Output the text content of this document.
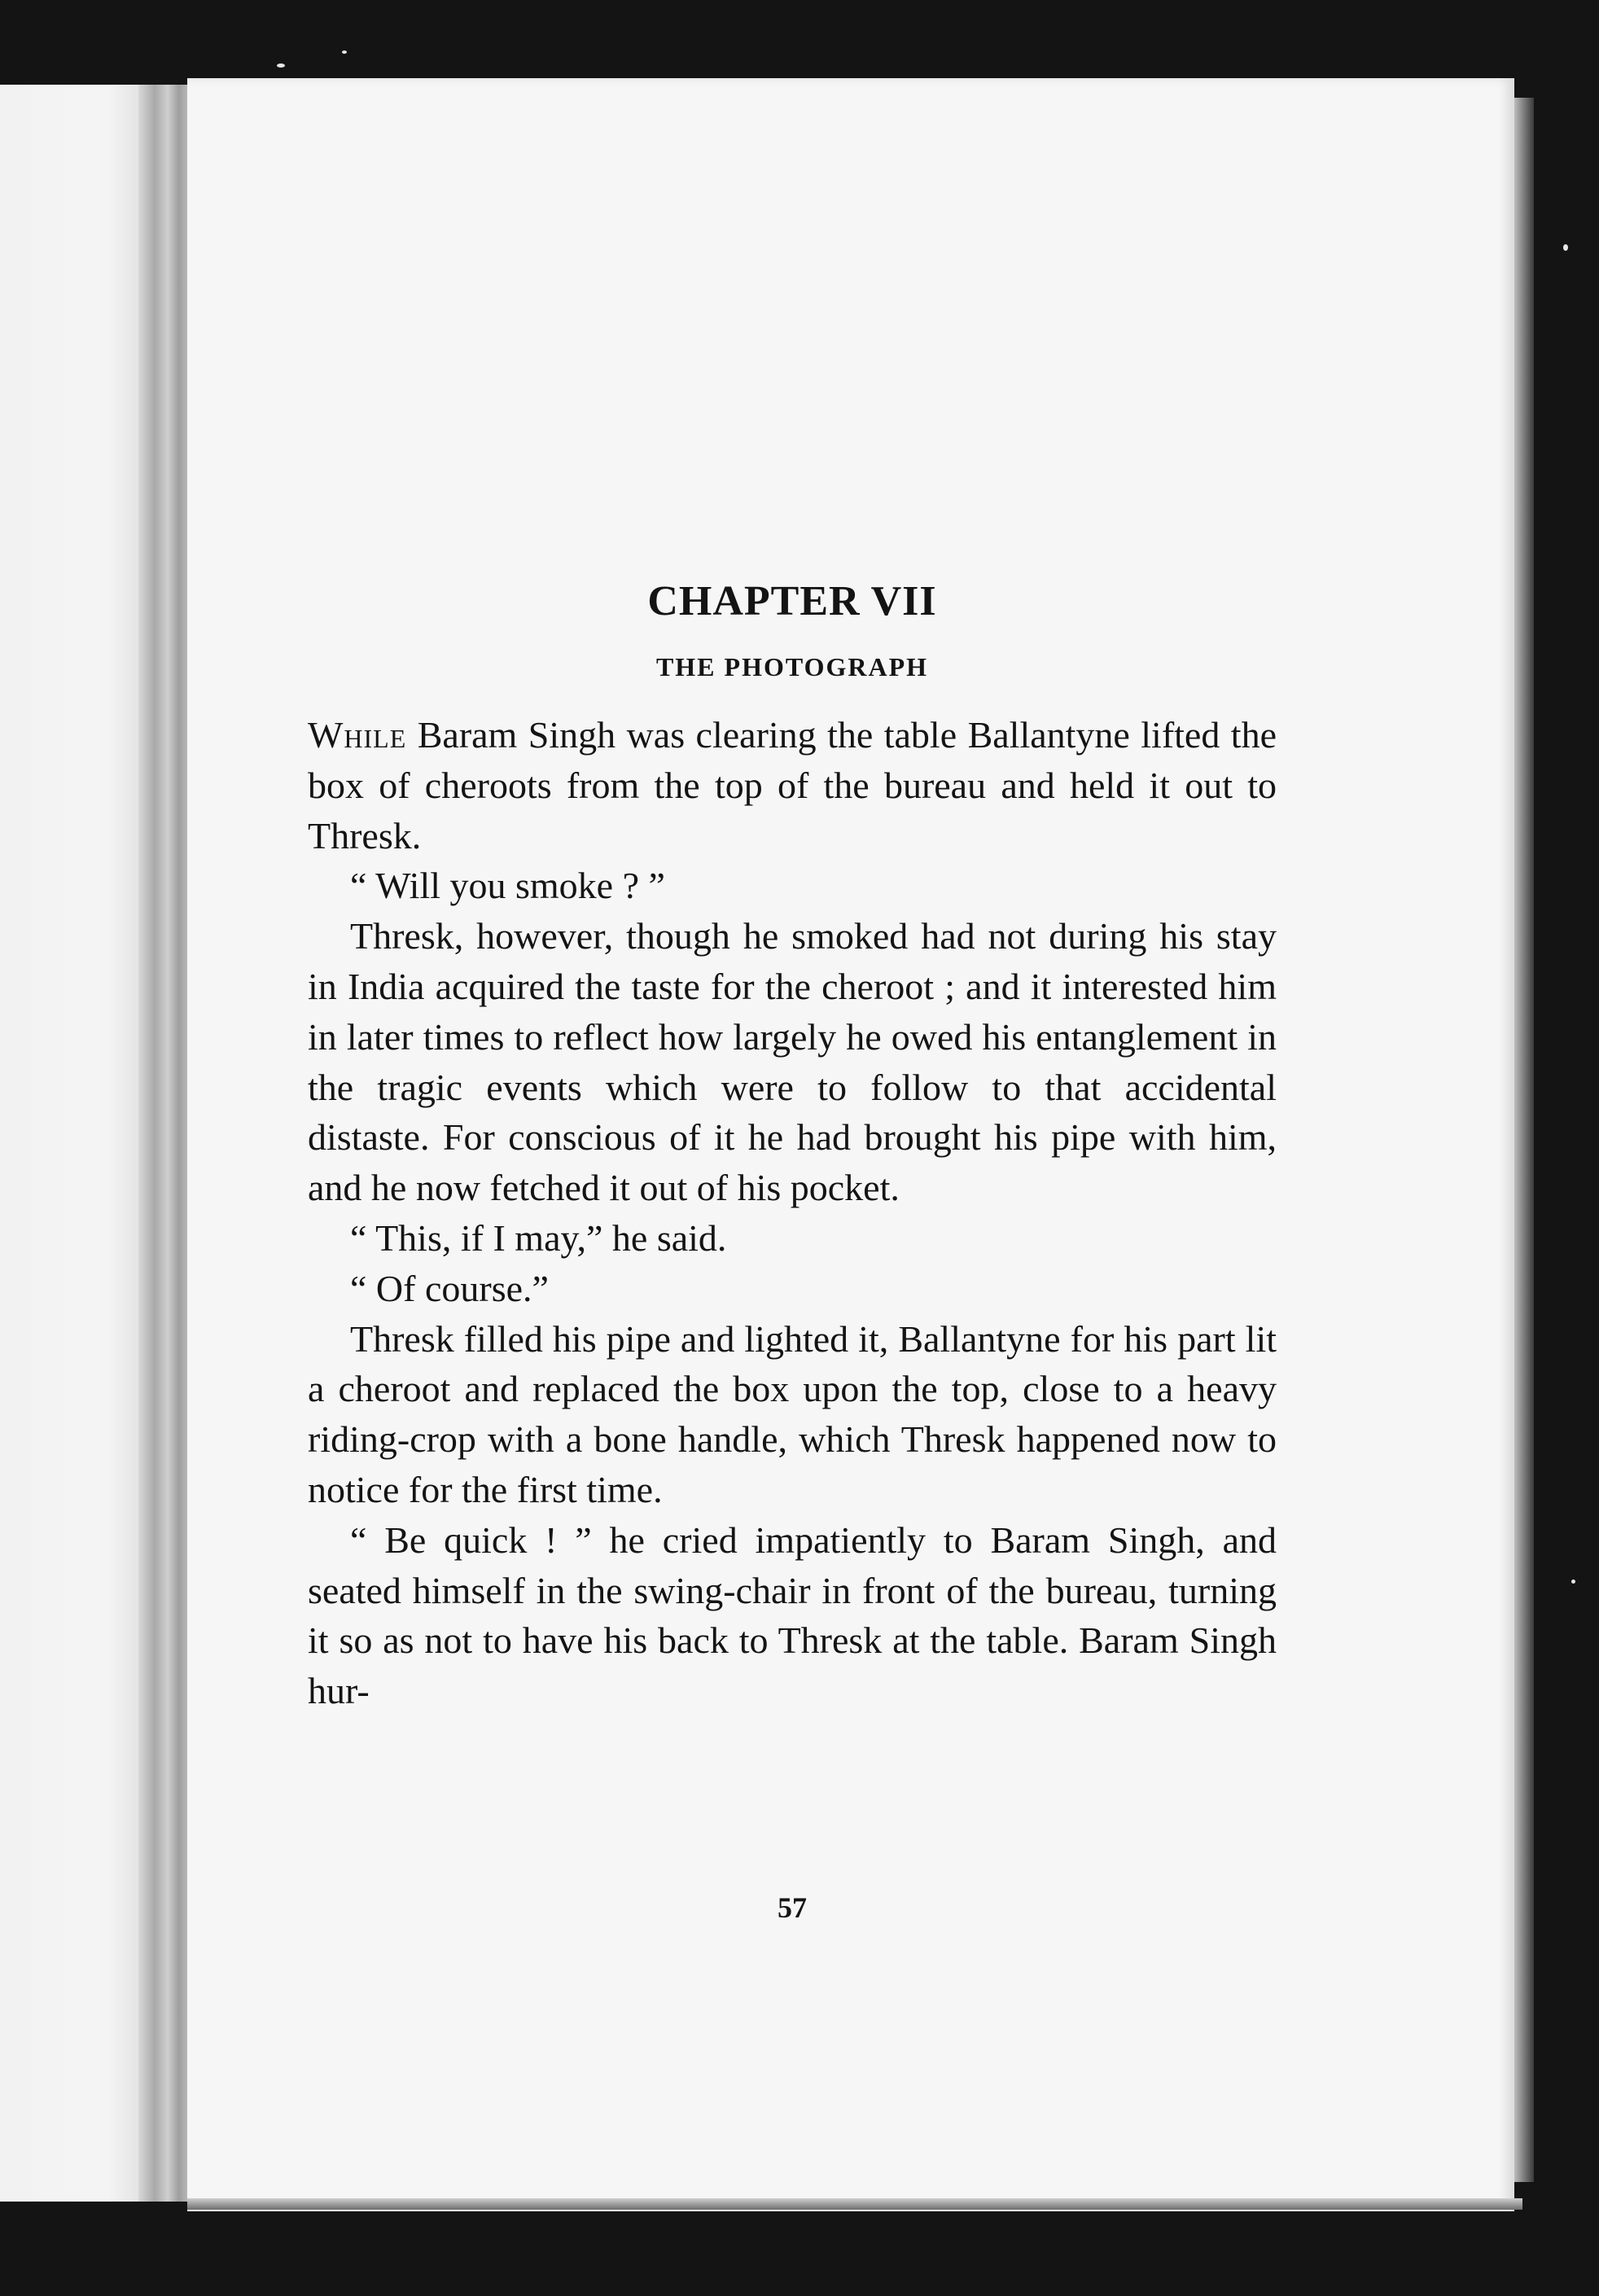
CHAPTER VII
THE PHOTOGRAPH

While Baram Singh was clearing the table Ballantyne lifted the box of cheroots from the top of the bureau and held it out to Thresk.

“ Will you smoke ? ”

Thresk, however, though he smoked had not during his stay in India acquired the taste for the cheroot ; and it interested him in later times to reflect how largely he owed his entanglement in the tragic events which were to follow to that accidental distaste. For conscious of it he had brought his pipe with him, and he now fetched it out of his pocket.

“ This, if I may,” he said.

“ Of course.”

Thresk filled his pipe and lighted it, Ballantyne for his part lit a cheroot and replaced the box upon the top, close to a heavy riding-crop with a bone handle, which Thresk happened now to notice for the first time.

“ Be quick ! ” he cried impatiently to Baram Singh, and seated himself in the swing-chair in front of the bureau, turning it so as not to have his back to Thresk at the table. Baram Singh hur-

57
